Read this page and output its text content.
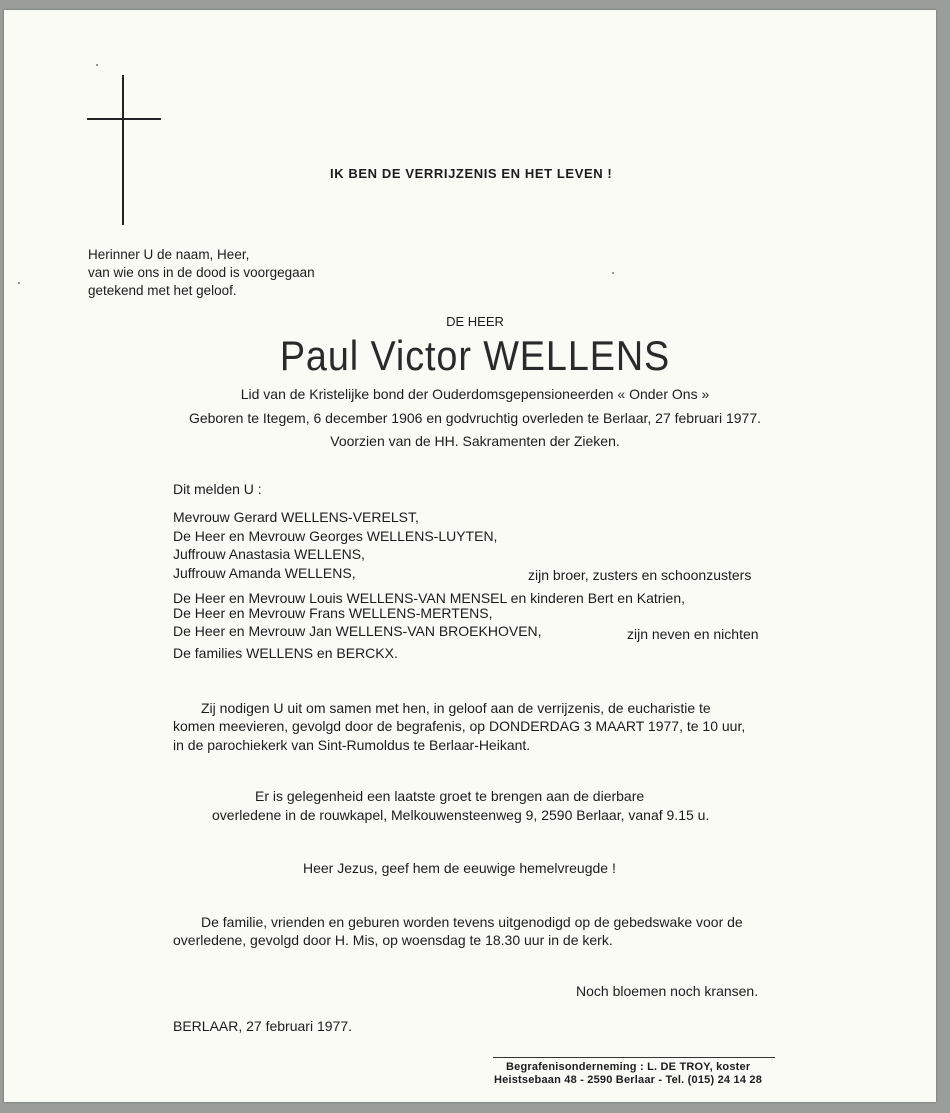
IK BEN DE VERRIJZENIS EN HET LEVEN !
Herinner U de naam, Heer,
van wie ons in de dood is voorgegaan
getekend met het geloof.
DE HEER
Paul Victor WELLENS
Lid van de Kristelijke bond der Ouderdomsgepensioneerden « Onder Ons »
Geboren te Itegem, 6 december 1906 en godvruchtig overleden te Berlaar, 27 februari 1977.
Voorzien van de HH. Sakramenten der Zieken.
Dit melden U :
Mevrouw Gerard WELLENS-VERELST,
De Heer en Mevrouw Georges WELLENS-LUYTEN,
Juffrouw Anastasia WELLENS,
Juffrouw Amanda WELLENS,	zijn broer, zusters en schoonzusters
De Heer en Mevrouw Louis WELLENS-VAN MENSEL en kinderen Bert en Katrien,
De Heer en Mevrouw Frans WELLENS-MERTENS,
De Heer en Mevrouw Jan WELLENS-VAN BROEKHOVEN,	zijn neven en nichten
De families WELLENS en BERCKX.
Zij nodigen U uit om samen met hen, in geloof aan de verrijzenis, de eucharistie te
komen meevieren, gevolgd door de begrafenis, op DONDERDAG 3 MAART 1977, te 10 uur,
in de parochiekerk van Sint-Rumoldus te Berlaar-Heikant.
Er is gelegenheid een laatste groet te brengen aan de dierbare
overledene in de rouwkapel, Melkouwensteenweg 9, 2590 Berlaar, vanaf 9.15 u.
Heer Jezus, geef hem de eeuwige hemelvreugde !
De familie, vrienden en geburen worden tevens uitgenodigd op de gebedswake voor de
overledene, gevolgd door H. Mis, op woensdag te 18.30 uur in de kerk.
Noch bloemen noch kransen.
BERLAAR, 27 februari 1977.
Begrafenisonderneming : L. DE TROY, koster
Heistsebaan 48 - 2590 Berlaar - Tel. (015) 24 14 28
